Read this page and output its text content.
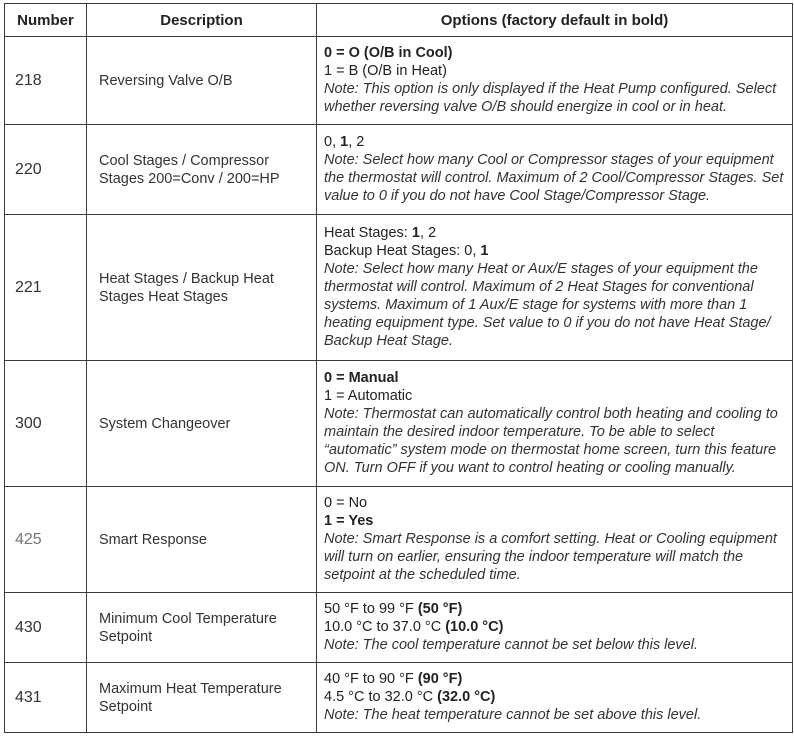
Number	Description	Options (factory default in bold)
218	Reversing Valve O/B	0 = O (O/B in Cool)
1 = B (O/B in Heat)
Note: This option is only displayed if the Heat Pump configured. Select whether reversing valve O/B should energize in cool or in heat.

220	Cool Stages / Compressor Stages 200=Conv / 200=HP	0, 1, 2
Note: Select how many Cool or Compressor stages of your equipment the thermostat will control. Maximum of 2 Cool/Compressor Stages. Set value to 0 if you do not have Cool Stage/Compressor Stage.

221	Heat Stages / Backup Heat Stages Heat Stages	Heat Stages: 1, 2
Backup Heat Stages: 0, 1
Note: Select how many Heat or Aux/E stages of your equipment the thermostat will control. Maximum of 2 Heat Stages for conventional systems. Maximum of 1 Aux/E stage for systems with more than 1 heating equipment type. Set value to 0 if you do not have Heat Stage/ Backup Heat Stage.

300	System Changeover	0 = Manual
1 = Automatic
Note: Thermostat can automatically control both heating and cooling to maintain the desired indoor temperature. To be able to select “automatic” system mode on thermostat home screen, turn this feature ON. Turn OFF if you want to control heating or cooling manually.

425	Smart Response	0 = No
1 = Yes
Note: Smart Response is a comfort setting. Heat or Cooling equipment will turn on earlier, ensuring the indoor temperature will match the setpoint at the scheduled time.

430	Minimum Cool Temperature Setpoint	50 °F to 99 °F (50 °F)
10.0 °C to 37.0 °C (10.0 °C)
Note: The cool temperature cannot be set below this level.

431	Maximum Heat Temperature Setpoint	40 °F to 90 °F (90 °F)
4.5 °C to 32.0 °C (32.0 °C)
Note: The heat temperature cannot be set above this level.
